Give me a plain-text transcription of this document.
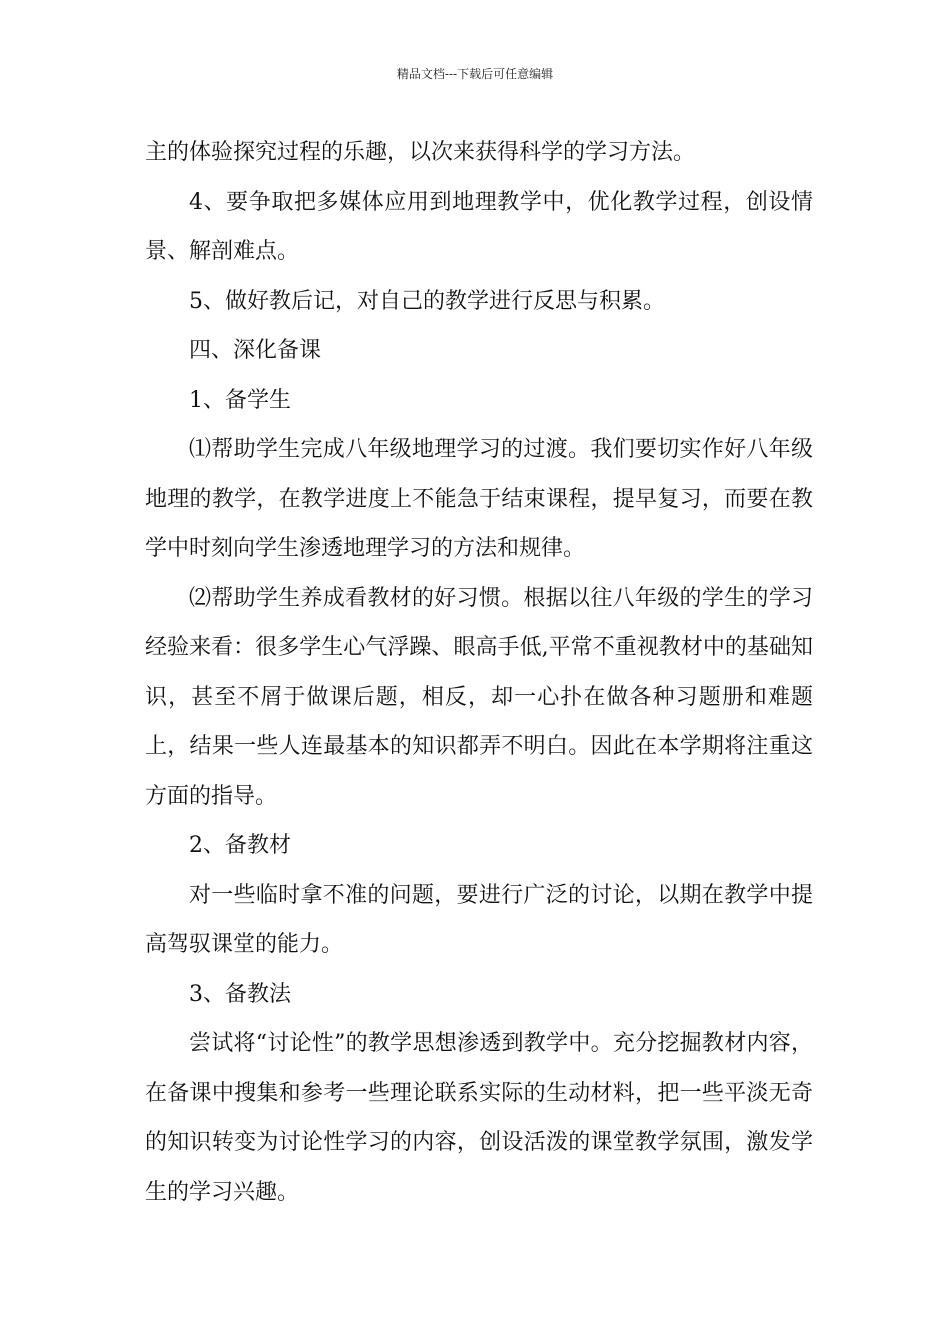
精品文档---下载后可任意编辑

主的体验探究过程的乐趣，以次来获得科学的学习方法。

4、要争取把多媒体应用到地理教学中，优化教学过程，创设情景、解剖难点。

5、做好教后记，对自己的教学进行反思与积累。

四、深化备课

1、备学生

⑴帮助学生完成八年级地理学习的过渡。我们要切实作好八年级地理的教学，在教学进度上不能急于结束课程，提早复习，而要在教学中时刻向学生渗透地理学习的方法和规律。

⑵帮助学生养成看教材的好习惯。根据以往八年级的学生的学习经验来看：很多学生心气浮躁、眼高手低,平常不重视教材中的基础知识，甚至不屑于做课后题，相反，却一心扑在做各种习题册和难题上，结果一些人连最基本的知识都弄不明白。因此在本学期将注重这方面的指导。

2、备教材

对一些临时拿不准的问题，要进行广泛的讨论，以期在教学中提高驾驭课堂的能力。

3、备教法

尝试将“讨论性”的教学思想渗透到教学中。充分挖掘教材内容，在备课中搜集和参考一些理论联系实际的生动材料，把一些平淡无奇的知识转变为讨论性学习的内容，创设活泼的课堂教学氛围，激发学生的学习兴趣。
